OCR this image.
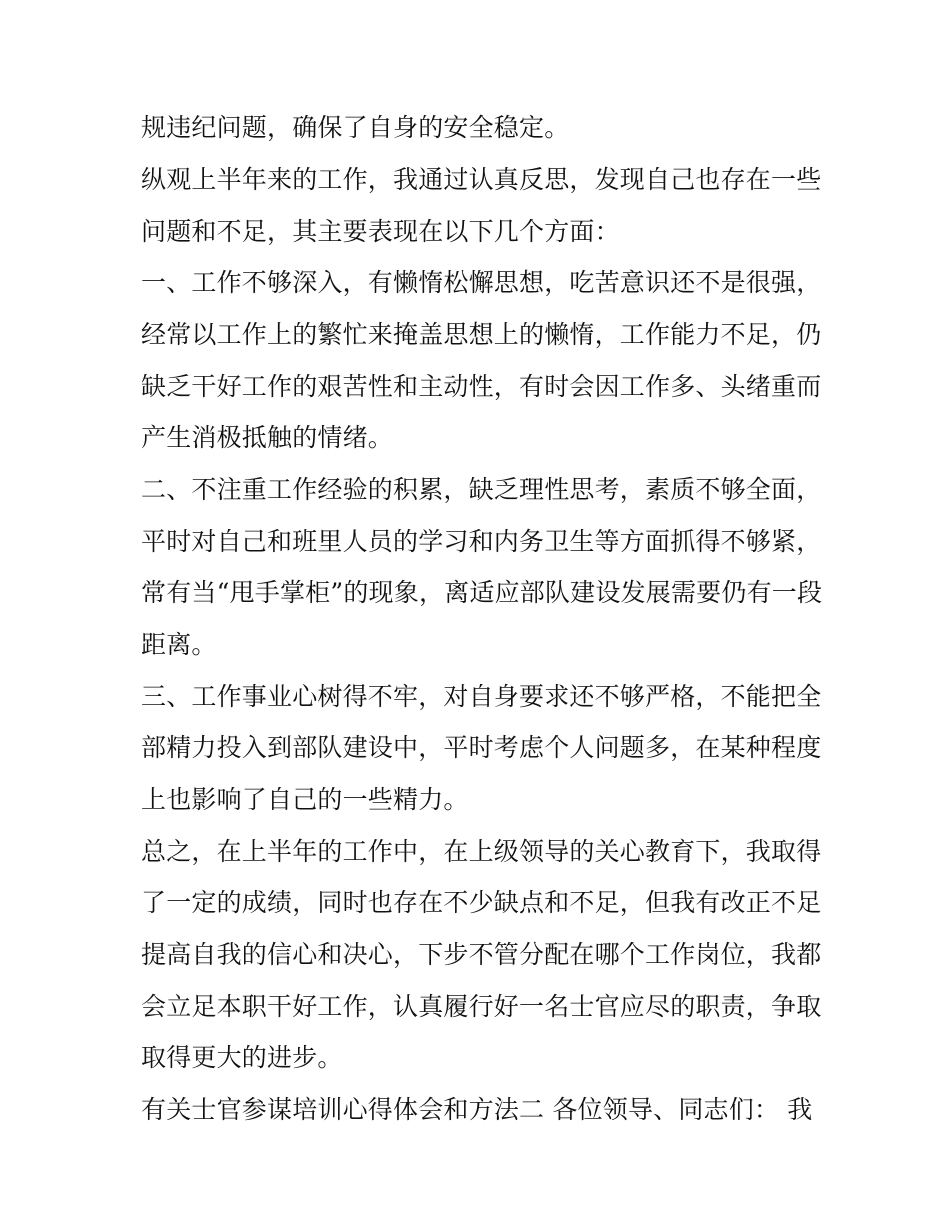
规违纪问题，确保了自身的安全稳定。
纵观上半年来的工作，我通过认真反思，发现自己也存在一些
问题和不足，其主要表现在以下几个方面：
一、工作不够深入，有懒惰松懈思想，吃苦意识还不是很强，
经常以工作上的繁忙来掩盖思想上的懒惰，工作能力不足，仍
缺乏干好工作的艰苦性和主动性，有时会因工作多、头绪重而
产生消极抵触的情绪。
二、不注重工作经验的积累，缺乏理性思考，素质不够全面，
平时对自己和班里人员的学习和内务卫生等方面抓得不够紧，
常有当“甩手掌柜”的现象，离适应部队建设发展需要仍有一段
距离。
三、工作事业心树得不牢，对自身要求还不够严格，不能把全
部精力投入到部队建设中，平时考虑个人问题多，在某种程度
上也影响了自己的一些精力。
总之，在上半年的工作中，在上级领导的关心教育下，我取得
了一定的成绩，同时也存在不少缺点和不足，但我有改正不足
提高自我的信心和决心，下步不管分配在哪个工作岗位，我都
会立足本职干好工作，认真履行好一名士官应尽的职责，争取
取得更大的进步。
有关士官参谋培训心得体会和方法二 各位领导、同志们： 我
